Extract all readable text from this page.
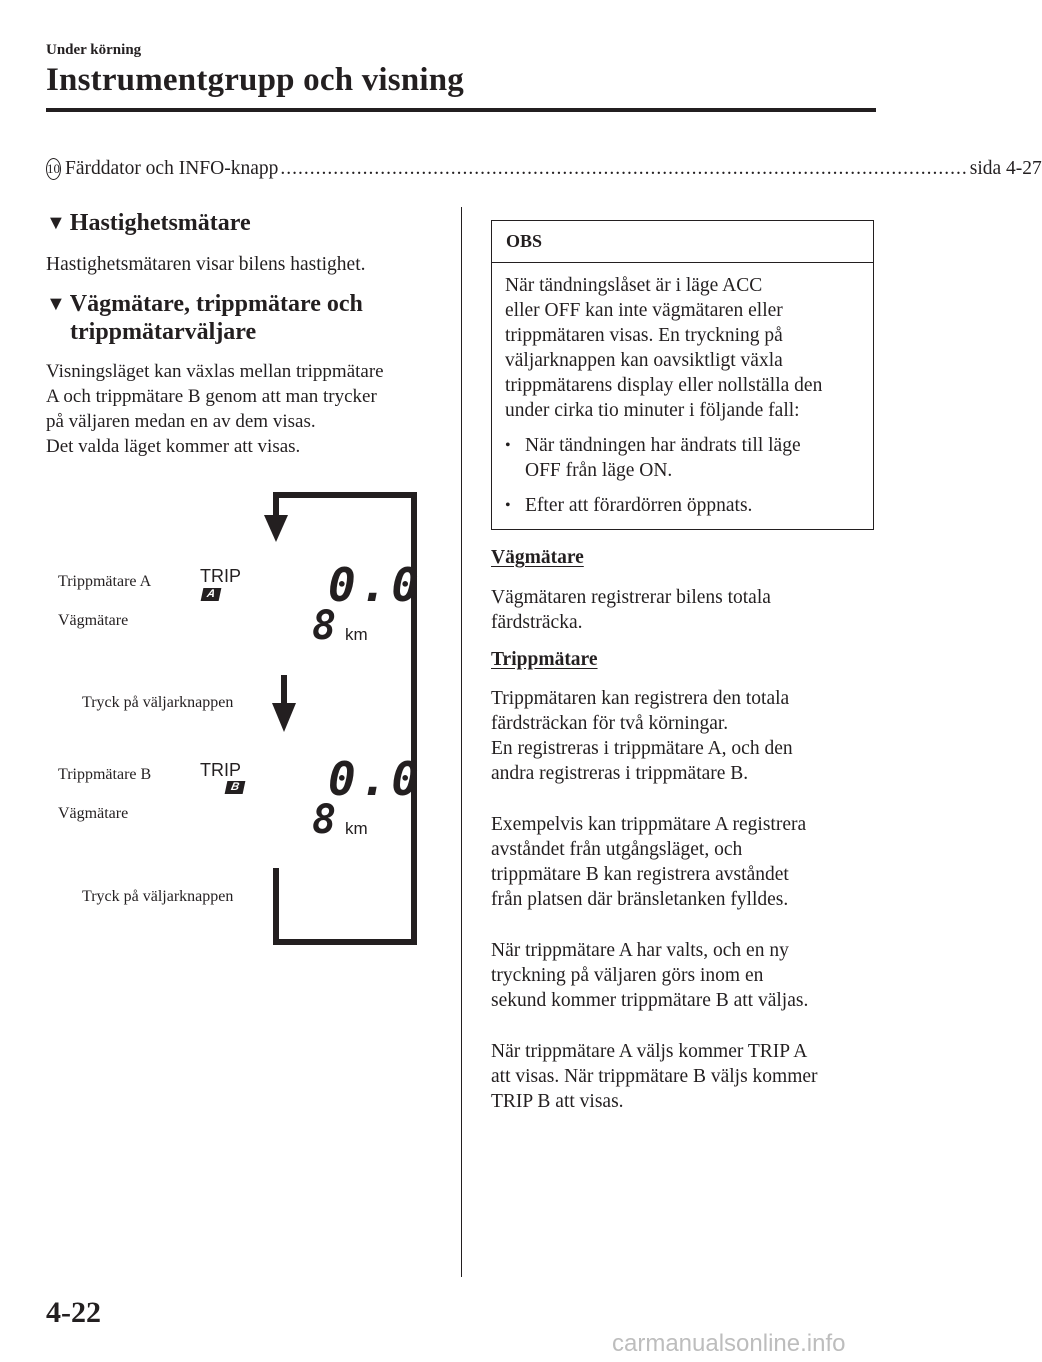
Under körning
Instrumentgrupp och visning
10 Färddator och INFO-knapp ..................................................................................................................... sida 4-27
▼ Hastighetsmätare
Hastighetsmätaren visar bilens hastighet.
▼ Vägmätare, trippmätare och
trippmätarväljare
Visningsläget kan växlas mellan trippmätare
A och trippmätare B genom att man trycker
på väljaren medan en av dem visas.
Det valda läget kommer att visas.
Trippmätare A
Vägmätare
Tryck på väljarknappen
Trippmätare B
Vägmätare
Tryck på väljarknappen
TRIP
A 0.0
8 km
TRIP
B 0.0
8 km
OBS
När tändningslåset är i läge ACC
eller OFF kan inte vägmätaren eller
trippmätaren visas. En tryckning på
väljarknappen kan oavsiktligt växla
trippmätarens display eller nollställa den
under cirka tio minuter i följande fall:
• När tändningen har ändrats till läge
OFF från läge ON.
• Efter att förardörren öppnats.
Vägmätare
Vägmätaren registrerar bilens totala
färdsträcka.
Trippmätare
Trippmätaren kan registrera den totala
färdsträckan för två körningar.
En registreras i trippmätare A, och den
andra registreras i trippmätare B.
Exempelvis kan trippmätare A registrera
avståndet från utgångsläget, och
trippmätare B kan registrera avståndet
från platsen där bränsletanken fylldes.
När trippmätare A har valts, och en ny
tryckning på väljaren görs inom en
sekund kommer trippmätare B att väljas.
När trippmätare A väljs kommer TRIP A
att visas. När trippmätare B väljs kommer
TRIP B att visas.
4-22
carmanualsonline.info
